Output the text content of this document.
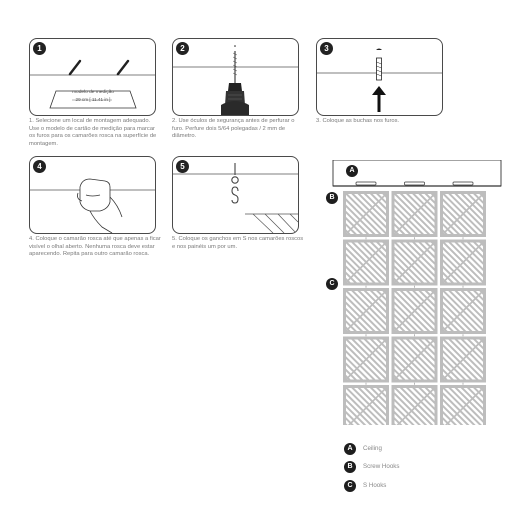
1
modelo de medição
29 cm [ 11.41 in ]

1. Selecione um local de montagem adequado. Use o modelo de cartão de medição para marcar os furos para os camarões rosca na superfície de montagem.

2

2. Use óculos de segurança antes de perfurar o furo. Perfure dois 5/64 polegadas / 2 mm de diâmetro.

3

3. Coloque as buchas nos furos.

4

4. Coloque o camarão rosca até que apenas a ficar visível o olhal aberto. Nenhuma rosca deve estar aparecendo. Repita para outro camarão rosca.

5

5. Coloque os ganchos em S nos camarões roscos e nos painéis um por um.

A
B
C
A	Ceiling
B	Screw Hooks
C	S Hooks
